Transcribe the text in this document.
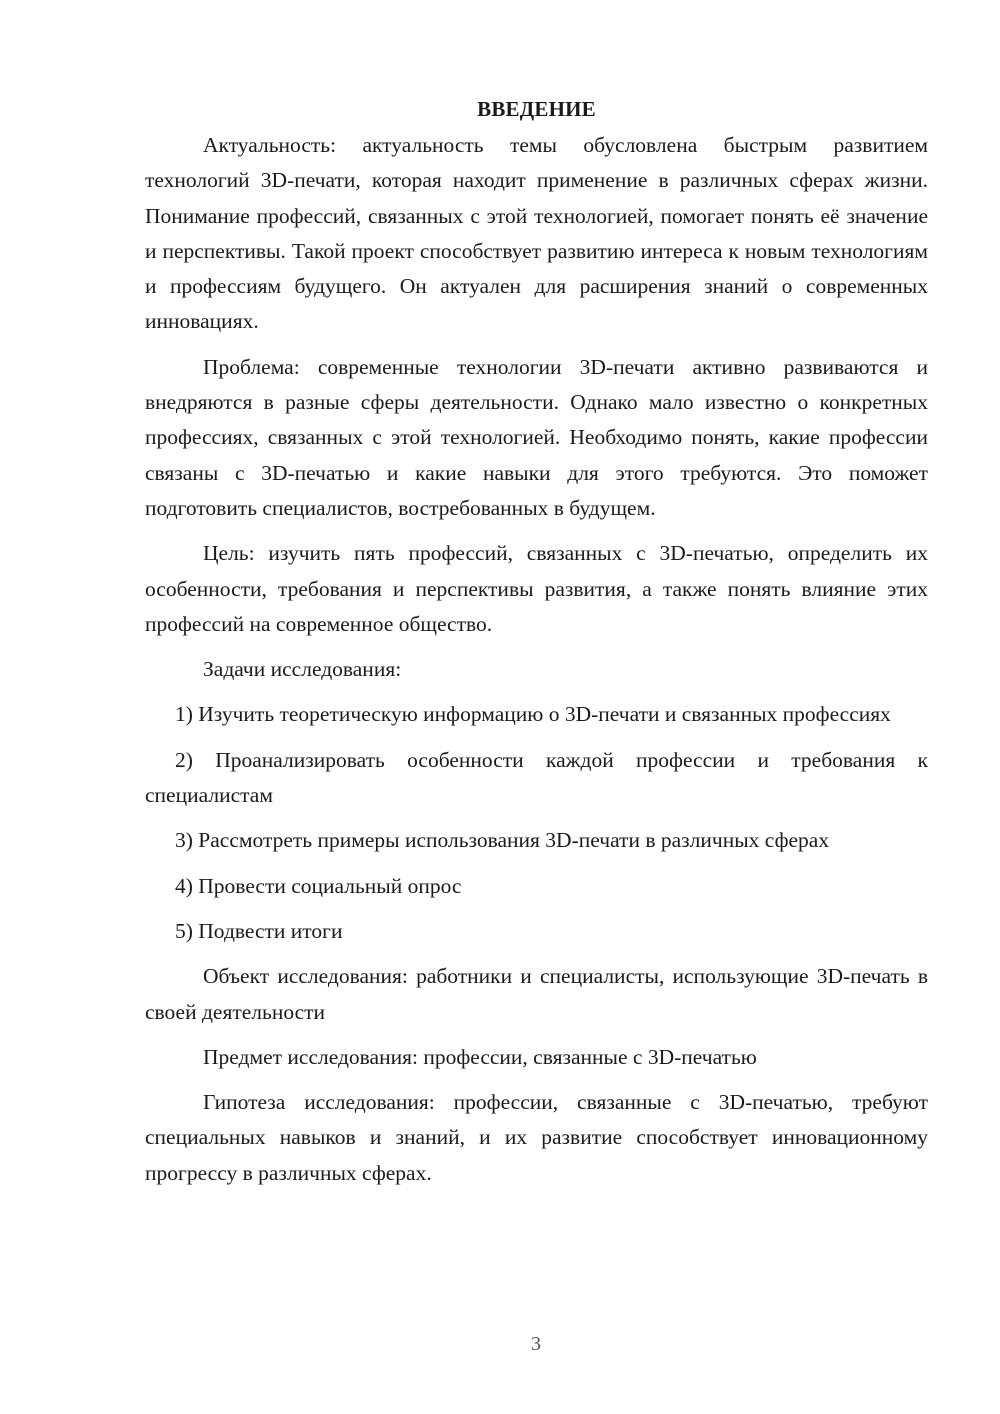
ВВЕДЕНИЕ

Актуальность: актуальность темы обусловлена быстрым развитием технологий 3D-печати, которая находит применение в различных сферах жизни. Понимание профессий, связанных с этой технологией, помогает понять её значение и перспективы. Такой проект способствует развитию интереса к новым технологиям и профессиям будущего. Он актуален для расширения знаний о современных инновациях.

Проблема: современные технологии 3D-печати активно развиваются и внедряются в разные сферы деятельности. Однако мало известно о конкретных профессиях, связанных с этой технологией. Необходимо понять, какие профессии связаны с 3D-печатью и какие навыки для этого требуются. Это поможет подготовить специалистов, востребованных в будущем.

Цель: изучить пять профессий, связанных с 3D-печатью, определить их особенности, требования и перспективы развития, а также понять влияние этих профессий на современное общество.

Задачи исследования:

1) Изучить теоретическую информацию о 3D-печати и связанных профессиях

2) Проанализировать особенности каждой профессии и требования к специалистам

3) Рассмотреть примеры использования 3D-печати в различных сферах

4) Провести социальный опрос

5) Подвести итоги

Объект исследования: работники и специалисты, использующие 3D-печать в своей деятельности

Предмет исследования: профессии, связанные с 3D-печатью

Гипотеза исследования: профессии, связанные с 3D-печатью, требуют специальных навыков и знаний, и их развитие способствует инновационному прогрессу в различных сферах.

3
